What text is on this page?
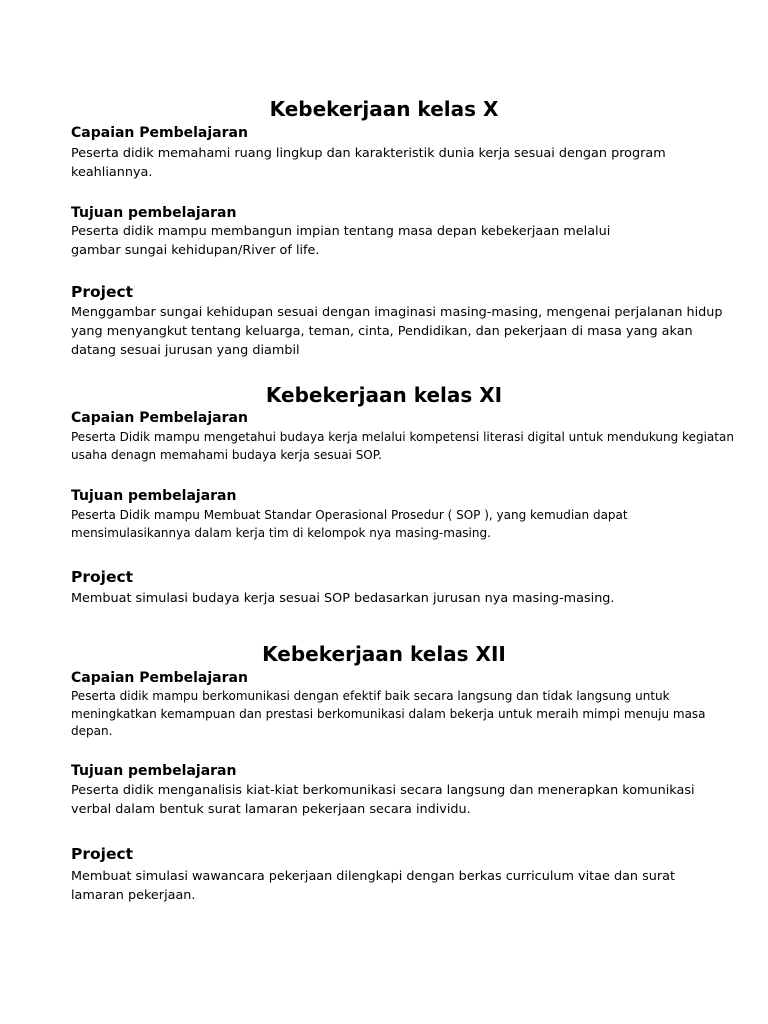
Kebekerjaan kelas X
Capaian Pembelajaran
Peserta didik memahami ruang lingkup dan karakteristik dunia kerja sesuai dengan program
keahliannya.
Tujuan pembelajaran
Peserta didik mampu membangun impian tentang masa depan kebekerjaan melalui
gambar sungai kehidupan/River of life.
Project
Menggambar sungai kehidupan sesuai dengan imaginasi masing-masing, mengenai perjalanan hidup
yang menyangkut tentang keluarga, teman, cinta, Pendidikan, dan pekerjaan di masa yang akan
datang sesuai jurusan yang diambil
Kebekerjaan kelas XI
Capaian Pembelajaran
Peserta Didik mampu mengetahui budaya kerja melalui kompetensi literasi digital untuk mendukung kegiatan
usaha denagn memahami budaya kerja sesuai SOP.
Tujuan pembelajaran
Peserta Didik mampu Membuat Standar Operasional Prosedur ( SOP ), yang kemudian dapat
mensimulasikannya dalam kerja tim di kelompok nya masing-masing.
Project
Membuat simulasi budaya kerja sesuai SOP bedasarkan jurusan nya masing-masing.
Kebekerjaan kelas XII
Capaian Pembelajaran
Peserta didik mampu berkomunikasi dengan efektif baik secara langsung dan tidak langsung untuk
meningkatkan kemampuan dan prestasi berkomunikasi dalam bekerja untuk meraih mimpi menuju masa
depan.
Tujuan pembelajaran
Peserta didik menganalisis kiat-kiat berkomunikasi secara langsung dan menerapkan komunikasi
verbal dalam bentuk surat lamaran pekerjaan secara individu.
Project
Membuat simulasi wawancara pekerjaan dilengkapi dengan berkas curriculum vitae dan surat
lamaran pekerjaan.
